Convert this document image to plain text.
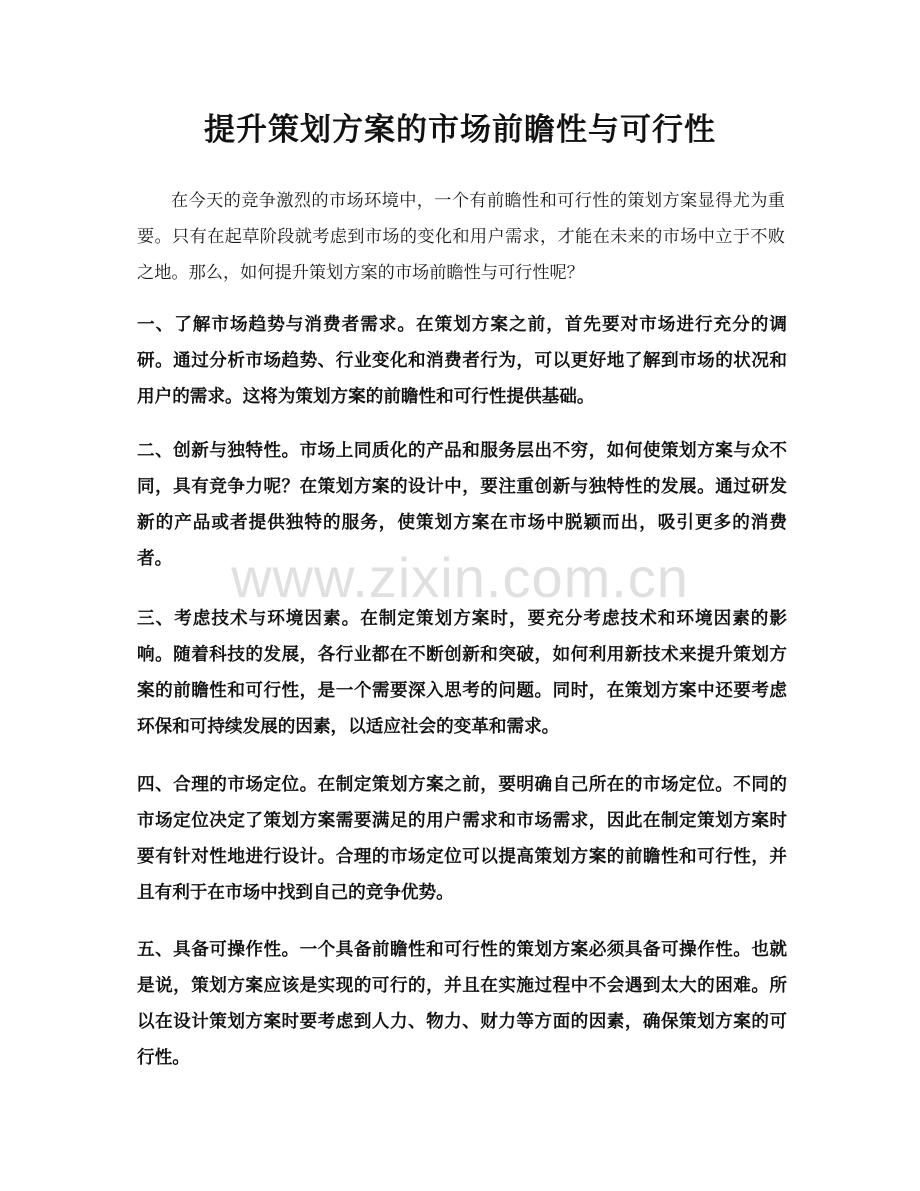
提升策划方案的市场前瞻性与可行性
在今天的竞争激烈的市场环境中，一个有前瞻性和可行性的策划方案显得尤为重要。只有在起草阶段就考虑到市场的变化和用户需求，才能在未来的市场中立于不败之地。那么，如何提升策划方案的市场前瞻性与可行性呢？
一、了解市场趋势与消费者需求。在策划方案之前，首先要对市场进行充分的调研。通过分析市场趋势、行业变化和消费者行为，可以更好地了解到市场的状况和用户的需求。这将为策划方案的前瞻性和可行性提供基础。
二、创新与独特性。市场上同质化的产品和服务层出不穷，如何使策划方案与众不同，具有竞争力呢？在策划方案的设计中，要注重创新与独特性的发展。通过研发新的产品或者提供独特的服务，使策划方案在市场中脱颖而出，吸引更多的消费者。
三、考虑技术与环境因素。在制定策划方案时，要充分考虑技术和环境因素的影响。随着科技的发展，各行业都在不断创新和突破，如何利用新技术来提升策划方案的前瞻性和可行性，是一个需要深入思考的问题。同时，在策划方案中还要考虑环保和可持续发展的因素，以适应社会的变革和需求。
四、合理的市场定位。在制定策划方案之前，要明确自己所在的市场定位。不同的市场定位决定了策划方案需要满足的用户需求和市场需求，因此在制定策划方案时要有针对性地进行设计。合理的市场定位可以提高策划方案的前瞻性和可行性，并且有利于在市场中找到自己的竞争优势。
五、具备可操作性。一个具备前瞻性和可行性的策划方案必须具备可操作性。也就是说，策划方案应该是实现的可行的，并且在实施过程中不会遇到太大的困难。所以在设计策划方案时要考虑到人力、物力、财力等方面的因素，确保策划方案的可行性。
www.zixin.com.cn
